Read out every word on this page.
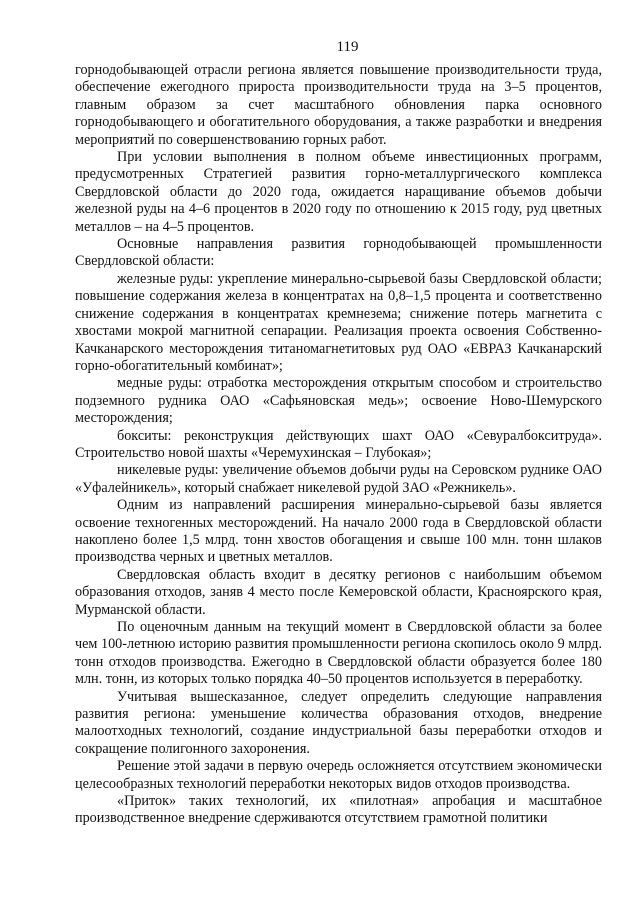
119

горнодобывающей отрасли региона является повышение производительности труда, обеспечение ежегодного прироста производительности труда на 3–5 процентов, главным образом за счет масштабного обновления парка основного горнодобывающего и обогатительного оборудования, а также разработки и внедрения мероприятий по совершенствованию горных работ.

При условии выполнения в полном объеме инвестиционных программ, предусмотренных Стратегией развития горно-металлургического комплекса Свердловской области до 2020 года, ожидается наращивание объемов добычи железной руды на 4–6 процентов в 2020 году по отношению к 2015 году, руд цветных металлов – на 4–5 процентов.

Основные направления развития горнодобывающей промышленности Свердловской области:

железные руды: укрепление минерально-сырьевой базы Свердловской области; повышение содержания железа в концентратах на 0,8–1,5 процента и соответственно снижение содержания в концентратах кремнезема; снижение потерь магнетита с хвостами мокрой магнитной сепарации. Реализация проекта освоения Собственно-Качканарского месторождения титаномагнетитовых руд ОАО «ЕВРАЗ Качканарский горно-обогатительный комбинат»;

медные руды: отработка месторождения открытым способом и строительство подземного рудника ОАО «Сафьяновская медь»; освоение Ново-Шемурского месторождения;

бокситы: реконструкция действующих шахт ОАО «Севуралбокситруда». Строительство новой шахты «Черемухинская – Глубокая»;

никелевые руды: увеличение объемов добычи руды на Серовском руднике ОАО «Уфалейникель», который снабжает никелевой рудой ЗАО «Режникель».

Одним из направлений расширения минерально-сырьевой базы является освоение техногенных месторождений. На начало 2000 года в Свердловской области накоплено более 1,5 млрд. тонн хвостов обогащения и свыше 100 млн. тонн шлаков производства черных и цветных металлов.

Свердловская область входит в десятку регионов с наибольшим объемом образования отходов, заняв 4 место после Кемеровской области, Красноярского края, Мурманской области.

По оценочным данным на текущий момент в Свердловской области за более чем 100-летнюю историю развития промышленности региона скопилось около 9 млрд. тонн отходов производства. Ежегодно в Свердловской области образуется более 180 млн. тонн, из которых только порядка 40–50 процентов используется в переработку.

Учитывая вышесказанное, следует определить следующие направления развития региона: уменьшение количества образования отходов, внедрение малоотходных технологий, создание индустриальной базы переработки отходов и сокращение полигонного захоронения.

Решение этой задачи в первую очередь осложняется отсутствием экономически целесообразных технологий переработки некоторых видов отходов производства.

«Приток» таких технологий, их «пилотная» апробация и масштабное производственное внедрение сдерживаются отсутствием грамотной политики
